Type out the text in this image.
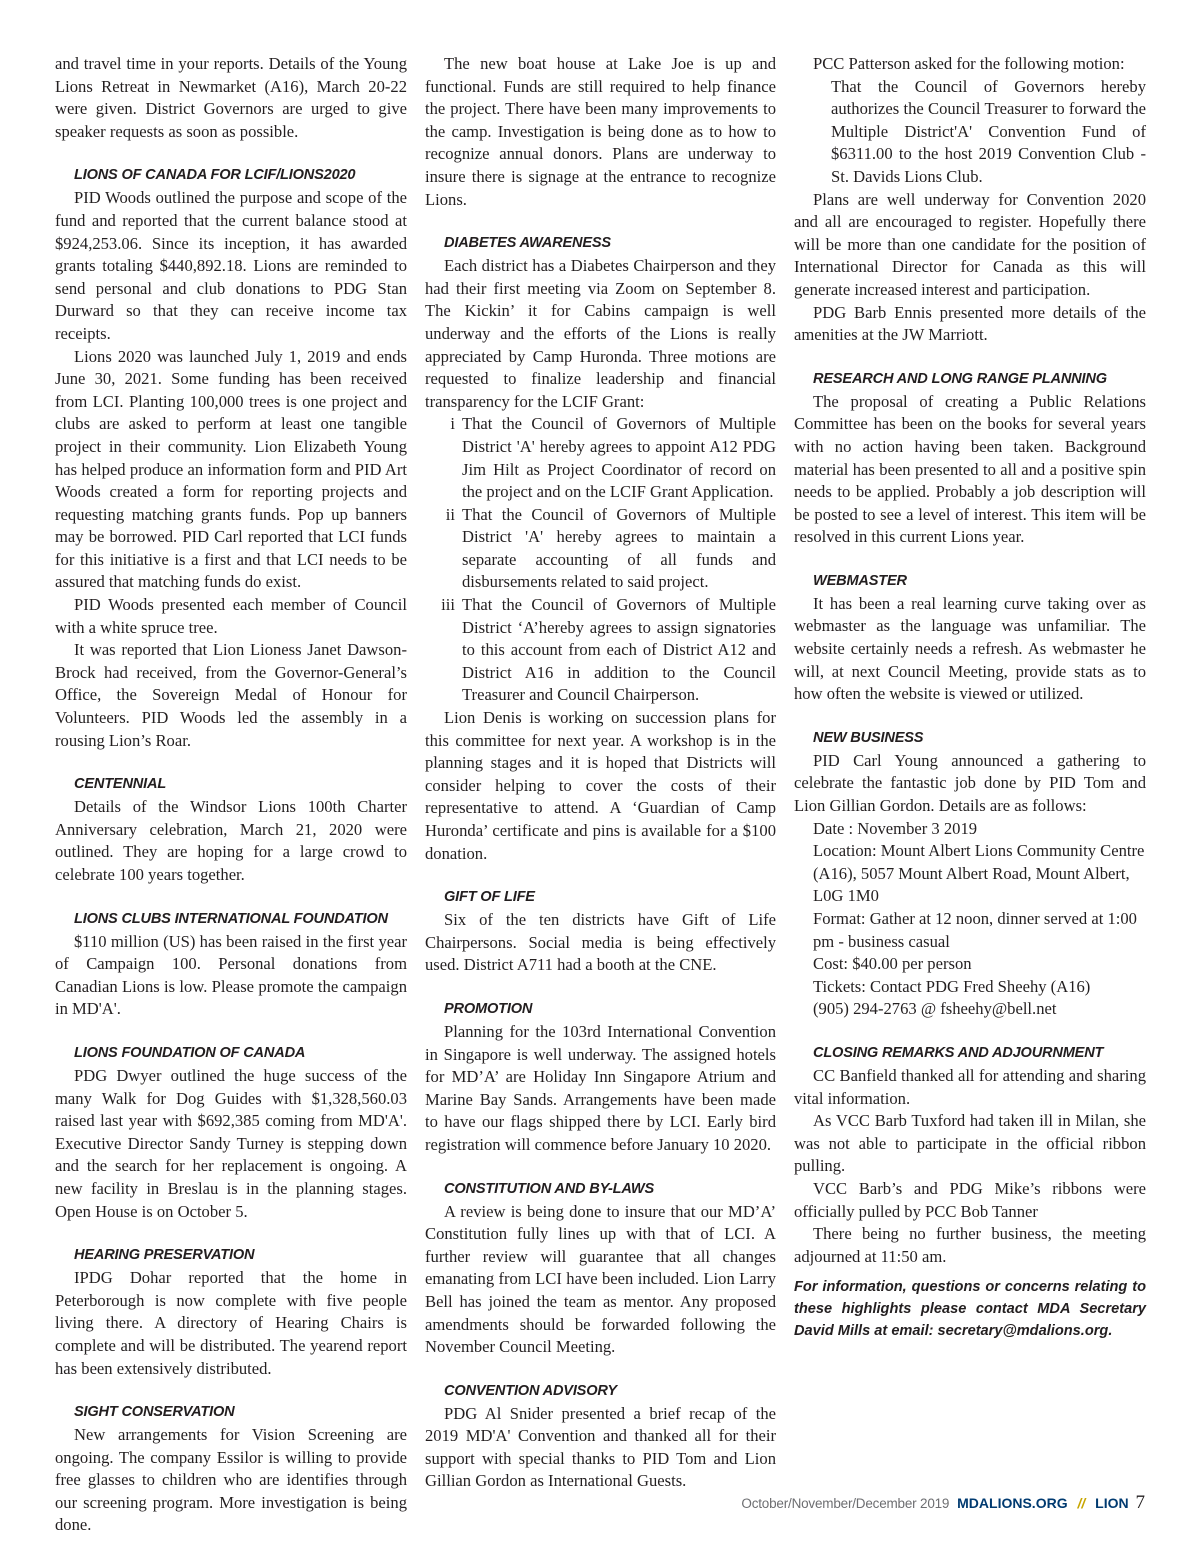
and travel time in your reports. Details of the Young Lions Retreat in Newmarket (A16), March 20-22 were given. District Governors are urged to give speaker requests as soon as possible.

LIONS OF CANADA FOR LCIF/LIONS2020

PID Woods outlined the purpose and scope of the fund and reported that the current balance stood at $924,253.06. Since its inception, it has awarded grants totaling $440,892.18. Lions are reminded to send personal and club donations to PDG Stan Durward so that they can receive income tax receipts.

Lions 2020 was launched July 1, 2019 and ends June 30, 2021. Some funding has been received from LCI. Planting 100,000 trees is one project and clubs are asked to perform at least one tangible project in their community. Lion Elizabeth Young has helped produce an information form and PID Art Woods created a form for reporting projects and requesting matching grants funds. Pop up banners may be borrowed. PID Carl reported that LCI funds for this initiative is a first and that LCI needs to be assured that matching funds do exist.

PID Woods presented each member of Council with a white spruce tree.

It was reported that Lion Lioness Janet Dawson-Brock had received, from the Governor-General’s Office, the Sovereign Medal of Honour for Volunteers. PID Woods led the assembly in a rousing Lion’s Roar.

CENTENNIAL

Details of the Windsor Lions 100th Charter Anniversary celebration, March 21, 2020 were outlined. They are hoping for a large crowd to celebrate 100 years together.

LIONS CLUBS INTERNATIONAL FOUNDATION

$110 million (US) has been raised in the first year of Campaign 100. Personal donations from Canadian Lions is low. Please promote the campaign in MD'A'.

LIONS FOUNDATION OF CANADA

PDG Dwyer outlined the huge success of the many Walk for Dog Guides with $1,328,560.03 raised last year with $692,385 coming from MD'A'. Executive Director Sandy Turney is stepping down and the search for her replacement is ongoing. A new facility in Breslau is in the planning stages. Open House is on October 5.

HEARING PRESERVATION

IPDG Dohar reported that the home in Peterborough is now complete with five people living there. A directory of Hearing Chairs is complete and will be distributed. The yearend report has been extensively distributed.

SIGHT CONSERVATION

New arrangements for Vision Screening are ongoing. The company Essilor is willing to provide free glasses to children who are identifies through our screening program. More investigation is being done.

The new boat house at Lake Joe is up and functional. Funds are still required to help finance the project. There have been many improvements to the camp. Investigation is being done as to how to recognize annual donors. Plans are underway to insure there is signage at the entrance to recognize Lions.

DIABETES AWARENESS

Each district has a Diabetes Chairperson and they had their first meeting via Zoom on September 8. The Kickin’ it for Cabins campaign is well underway and the efforts of the Lions is really appreciated by Camp Huronda. Three motions are requested to finalize leadership and financial transparency for the LCIF Grant:

i That the Council of Governors of Multiple District 'A' hereby agrees to appoint A12 PDG Jim Hilt as Project Coordinator of record on the project and on the LCIF Grant Application.
ii That the Council of Governors of Multiple District 'A' hereby agrees to maintain a separate accounting of all funds and disbursements related to said project.
iii That the Council of Governors of Multiple District ‘A’hereby agrees to assign signatories to this account from each of District A12 and District A16 in addition to the Council Treasurer and Council Chairperson.

Lion Denis is working on succession plans for this committee for next year. A workshop is in the planning stages and it is hoped that Districts will consider helping to cover the costs of their representative to attend. A ‘Guardian of Camp Huronda’ certificate and pins is available for a $100 donation.

GIFT OF LIFE

Six of the ten districts have Gift of Life Chairpersons. Social media is being effectively used. District A711 had a booth at the CNE.

PROMOTION

Planning for the 103rd International Convention in Singapore is well underway. The assigned hotels for MD’A’ are Holiday Inn Singapore Atrium and Marine Bay Sands. Arrangements have been made to have our flags shipped there by LCI. Early bird registration will commence before January 10 2020.

CONSTITUTION AND BY-LAWS

A review is being done to insure that our MD’A’ Constitution fully lines up with that of LCI. A further review will guarantee that all changes emanating from LCI have been included. Lion Larry Bell has joined the team as mentor. Any proposed amendments should be forwarded following the November Council Meeting.

CONVENTION ADVISORY

PDG Al Snider presented a brief recap of the 2019 MD'A' Convention and thanked all for their support with special thanks to PID Tom and Lion Gillian Gordon as International Guests.

PCC Patterson asked for the following motion:

That the Council of Governors hereby authorizes the Council Treasurer to forward the Multiple District'A' Convention Fund of $6311.00 to the host 2019 Convention Club - St. Davids Lions Club.

Plans are well underway for Convention 2020 and all are encouraged to register. Hopefully there will be more than one candidate for the position of International Director for Canada as this will generate increased interest and participation.

PDG Barb Ennis presented more details of the amenities at the JW Marriott.

RESEARCH AND LONG RANGE PLANNING

The proposal of creating a Public Relations Committee has been on the books for several years with no action having been taken. Background material has been presented to all and a positive spin needs to be applied. Probably a job description will be posted to see a level of interest. This item will be resolved in this current Lions year.

WEBMASTER

It has been a real learning curve taking over as webmaster as the language was unfamiliar. The website certainly needs a refresh. As webmaster he will, at next Council Meeting, provide stats as to how often the website is viewed or utilized.

NEW BUSINESS

PID Carl Young announced a gathering to celebrate the fantastic job done by PID Tom and Lion Gillian Gordon. Details are as follows:

Date : November 3 2019

Location: Mount Albert Lions Community Centre (A16), 5057 Mount Albert Road, Mount Albert, L0G 1M0

Format: Gather at 12 noon, dinner served at 1:00 pm - business casual

Cost: $40.00 per person

Tickets: Contact PDG Fred Sheehy (A16)

(905) 294-2763 @ fsheehy@bell.net

CLOSING REMARKS AND ADJOURNMENT

CC Banfield thanked all for attending and sharing vital information.

As VCC Barb Tuxford had taken ill in Milan, she was not able to participate in the official ribbon pulling.

VCC Barb’s and PDG Mike’s ribbons were officially pulled by PCC Bob Tanner

There being no further business, the meeting adjourned at 11:50 am.

For information, questions or concerns relating to these highlights please contact MDA Secretary David Mills at email: secretary@mdalions.org.
October/November/December 2019 MDALIONS.ORG // LION 7
